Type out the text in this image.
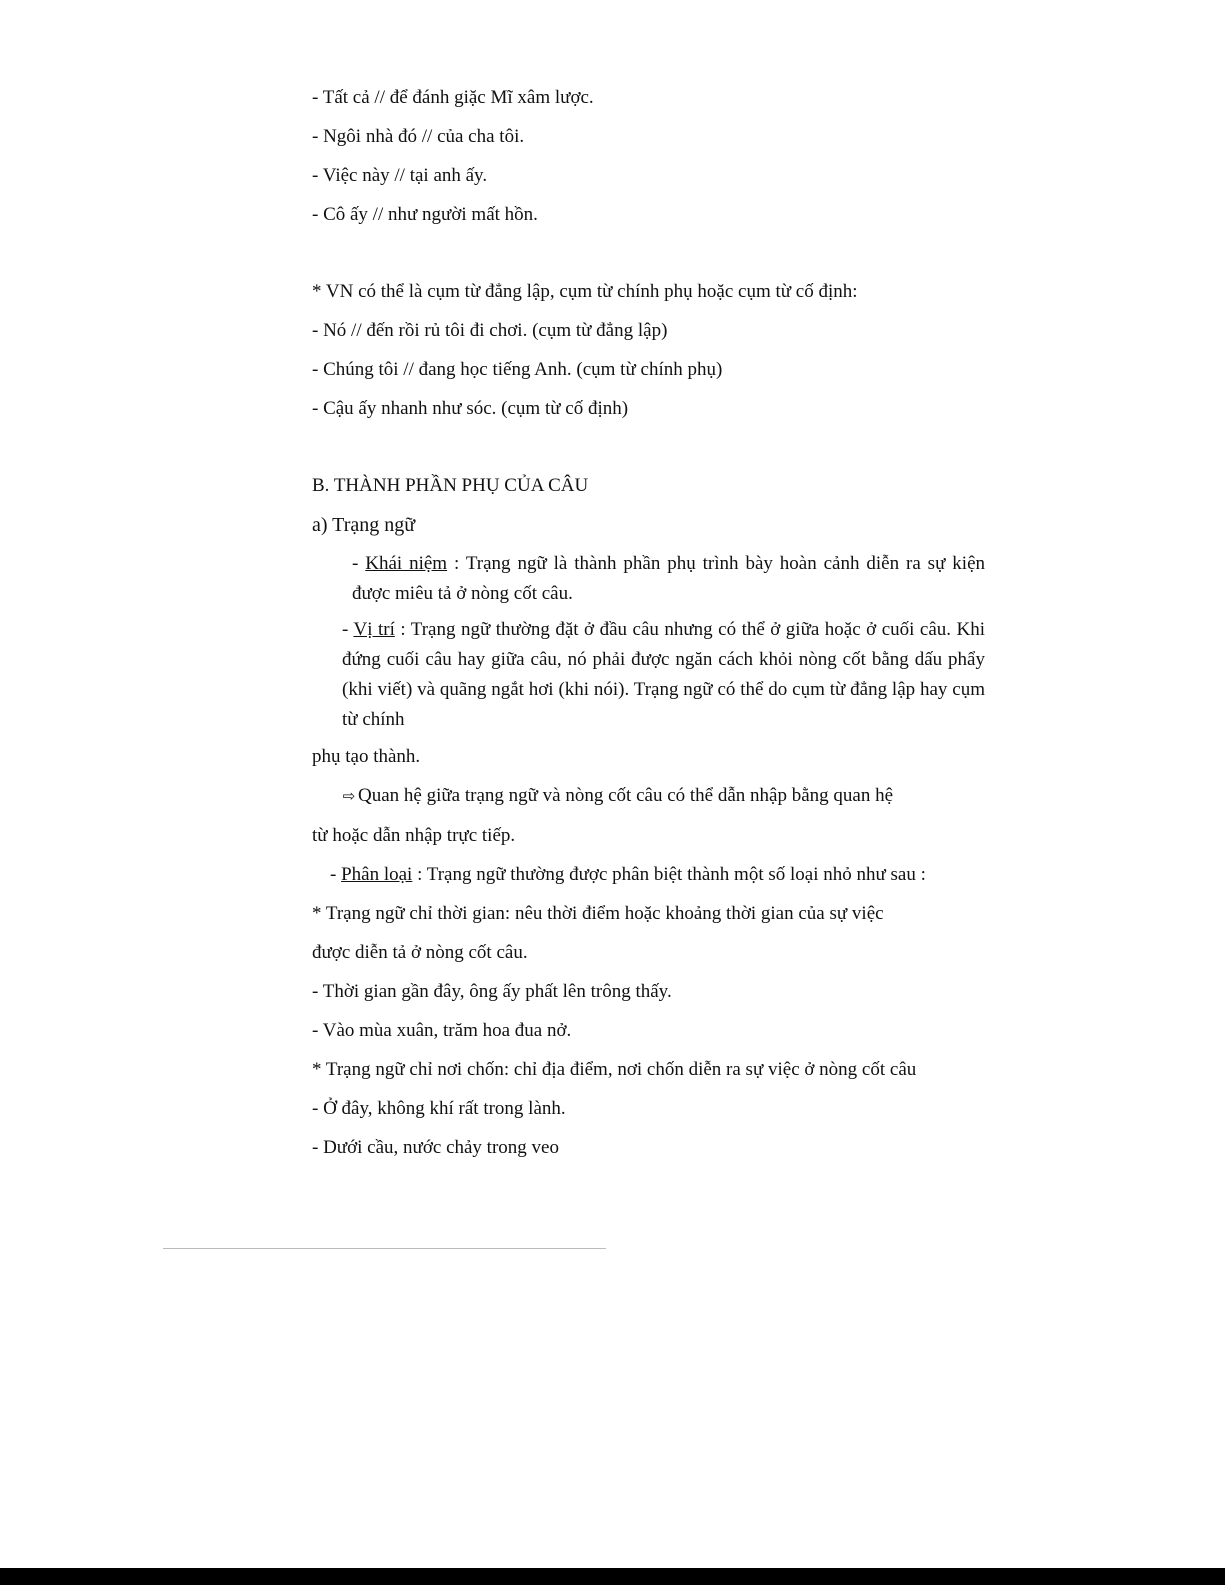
- Tất cả // để đánh giặc Mĩ xâm lược.

- Ngôi nhà đó // của cha tôi.

- Việc này // tại anh ấy.

- Cô ấy // như người mất hồn.

* VN có thể là cụm từ đẳng lập, cụm từ chính phụ hoặc cụm từ cố định:

- Nó // đến rồi rủ tôi đi chơi. (cụm từ đẳng lập)

- Chúng tôi // đang học tiếng Anh. (cụm từ chính phụ)

- Cậu ấy nhanh như sóc. (cụm từ cố định)

B. THÀNH PHẦN PHỤ CỦA CÂU

a) Trạng ngữ

- Khái niệm : Trạng ngữ là thành phần phụ trình bày hoàn cảnh diễn ra sự kiện được miêu tả ở nòng cốt câu.

- Vị trí : Trạng ngữ thường đặt ở đầu câu nhưng có thể ở giữa hoặc ở cuối câu. Khi đứng cuối câu hay giữa câu, nó phải được ngăn cách khỏi nòng cốt bằng dấu phẩy (khi viết) và quãng ngắt hơi (khi nói). Trạng ngữ có thể do cụm từ đẳng lập hay cụm từ chính

phụ tạo thành.

⇨ Quan hệ giữa trạng ngữ và nòng cốt câu có thể dẫn nhập bằng quan hệ

từ hoặc dẫn nhập trực tiếp.

- Phân loại : Trạng ngữ thường được phân biệt thành một số loại nhỏ như sau :

* Trạng ngữ chỉ thời gian: nêu thời điểm hoặc khoảng thời gian của sự việc

được diễn tả ở nòng cốt câu.

- Thời gian gần đây, ông ấy phất lên trông thấy.

- Vào mùa xuân, trăm hoa đua nở.

* Trạng ngữ chỉ nơi chốn: chỉ địa điểm, nơi chốn diễn ra sự việc ở nòng cốt câu

- Ở đây, không khí rất trong lành.

- Dưới cầu, nước chảy trong veo
